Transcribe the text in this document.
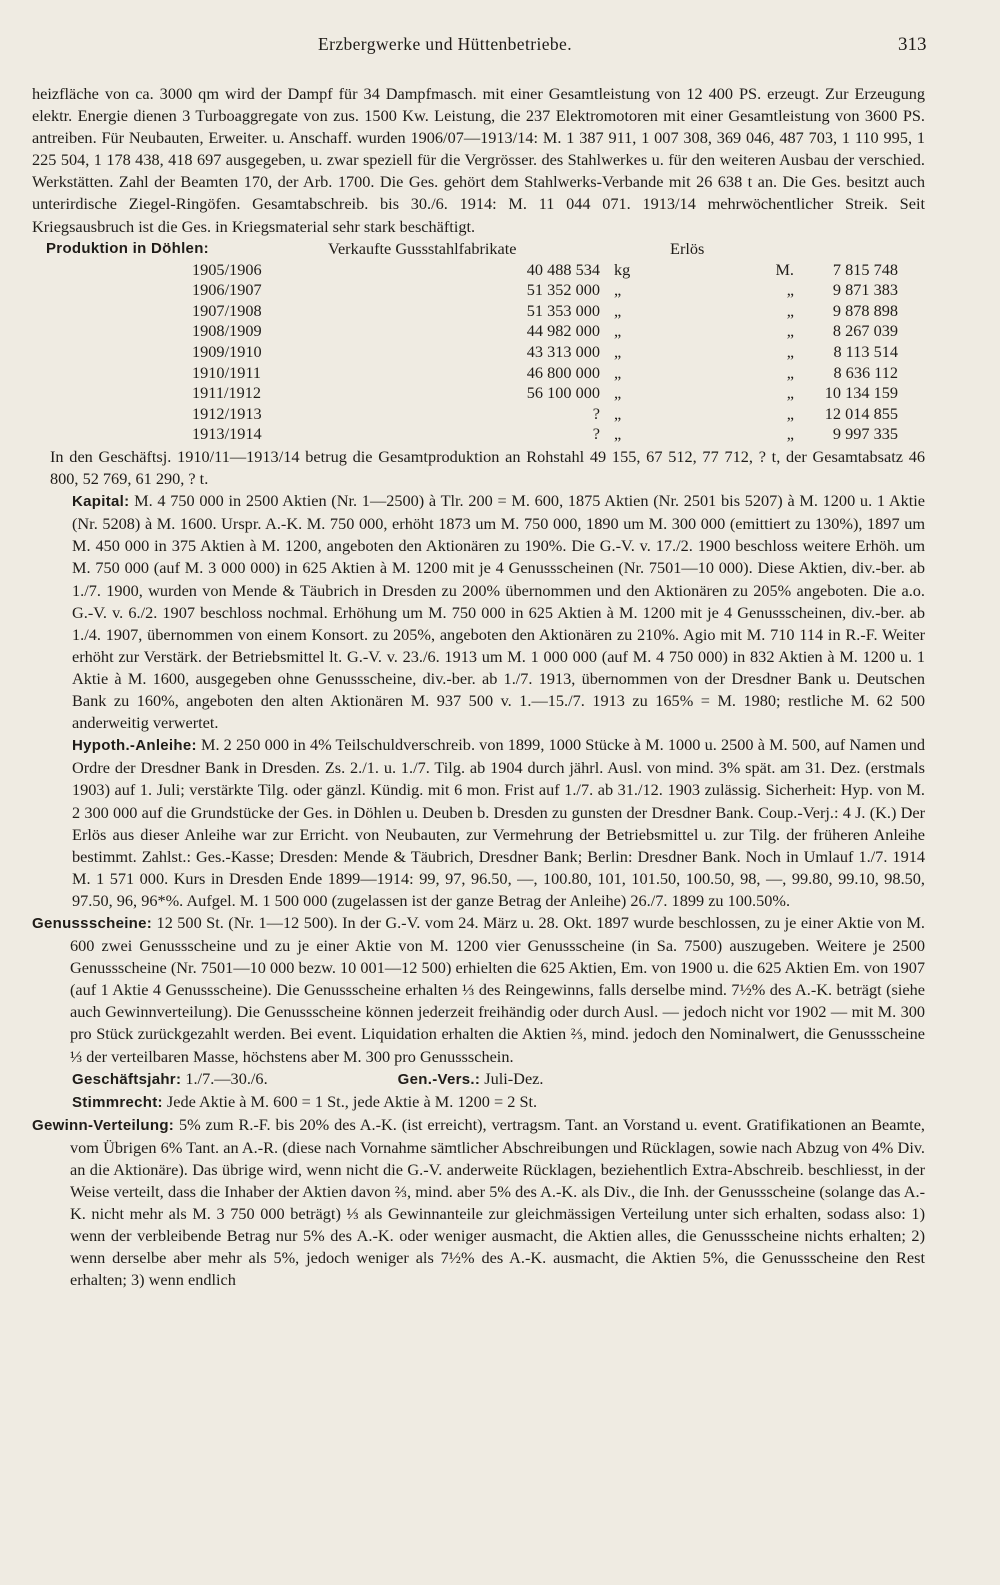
Erzbergwerke und Hüttenbetriebe.	313

heizfläche von ca. 3000 qm wird der Dampf für 34 Dampfmasch. mit einer Gesamtleistung von 12 400 PS. erzeugt. Zur Erzeugung elektr. Energie dienen 3 Turboaggregate von zus. 1500 Kw. Leistung, die 237 Elektromotoren mit einer Gesamtleistung von 3600 PS. antreiben. Für Neubauten, Erweiter. u. Anschaff. wurden 1906/07—1913/14: M. 1 387 911, 1 007 308, 369 046, 487 703, 1 110 995, 1 225 504, 1 178 438, 418 697 ausgegeben, u. zwar speziell für die Vergrösser. des Stahlwerkes u. für den weiteren Ausbau der verschied. Werkstätten. Zahl der Beamten 170, der Arb. 1700. Die Ges. gehört dem Stahlwerks-Verbande mit 26 638 t an. Die Ges. besitzt auch unterirdische Ziegel-Ringöfen. Gesamtabschreib. bis 30./6. 1914: M. 11 044 071. 1913/14 mehrwöchentlicher Streik. Seit Kriegsausbruch ist die Ges. in Kriegsmaterial sehr stark beschäftigt.

Produktion in Döhlen:	Verkaufte Gussstahlfabrikate	Erlös
1905/1906	40 488 534	kg	M.	7 815 748	
1906/1907	51 352 000	„	„	9 871 383	
1907/1908	51 353 000	„	„	9 878 898	
1908/1909	44 982 000	„	„	8 267 039	
1909/1910	43 313 000	„	„	8 113 514	
1910/1911	46 800 000	„	„	8 636 112	
1911/1912	56 100 000	„	„	10 134 159	
1912/1913	?	„	„	12 014 855	
1913/1914	?	„	„	9 997 335	

In den Geschäftsj. 1910/11—1913/14 betrug die Gesamtproduktion an Rohstahl 49 155, 67 512, 77 712, ? t, der Gesamtabsatz 46 800, 52 769, 61 290, ? t.

Kapital: M. 4 750 000 in 2500 Aktien (Nr. 1—2500) à Tlr. 200 = M. 600, 1875 Aktien (Nr. 2501 bis 5207) à M. 1200 u. 1 Aktie (Nr. 5208) à M. 1600. Urspr. A.-K. M. 750 000, erhöht 1873 um M. 750 000, 1890 um M. 300 000 (emittiert zu 130%), 1897 um M. 450 000 in 375 Aktien à M. 1200, angeboten den Aktionären zu 190%. Die G.-V. v. 17./2. 1900 beschloss weitere Erhöh. um M. 750 000 (auf M. 3 000 000) in 625 Aktien à M. 1200 mit je 4 Genussscheinen (Nr. 7501—10 000). Diese Aktien, div.-ber. ab 1./7. 1900, wurden von Mende & Täubrich in Dresden zu 200% übernommen und den Aktionären zu 205% angeboten. Die a.o. G.-V. v. 6./2. 1907 beschloss nochmal. Erhöhung um M. 750 000 in 625 Aktien à M. 1200 mit je 4 Genussscheinen, div.-ber. ab 1./4. 1907, übernommen von einem Konsort. zu 205%, angeboten den Aktionären zu 210%. Agio mit M. 710 114 in R.-F. Weiter erhöht zur Verstärk. der Betriebsmittel lt. G.-V. v. 23./6. 1913 um M. 1 000 000 (auf M. 4 750 000) in 832 Aktien à M. 1200 u. 1 Aktie à M. 1600, ausgegeben ohne Genussscheine, div.-ber. ab 1./7. 1913, übernommen von der Dresdner Bank u. Deutschen Bank zu 160%, angeboten den alten Aktionären M. 937 500 v. 1.—15./7. 1913 zu 165% = M. 1980; restliche M. 62 500 anderweitig verwertet.

Hypoth.-Anleihe: M. 2 250 000 in 4% Teilschuldverschreib. von 1899, 1000 Stücke à M. 1000 u. 2500 à M. 500, auf Namen und Ordre der Dresdner Bank in Dresden. Zs. 2./1. u. 1./7. Tilg. ab 1904 durch jährl. Ausl. von mind. 3% spät. am 31. Dez. (erstmals 1903) auf 1. Juli; verstärkte Tilg. oder gänzl. Kündig. mit 6 mon. Frist auf 1./7. ab 31./12. 1903 zulässig. Sicherheit: Hyp. von M. 2 300 000 auf die Grundstücke der Ges. in Döhlen u. Deuben b. Dresden zu gunsten der Dresdner Bank. Coup.-Verj.: 4 J. (K.) Der Erlös aus dieser Anleihe war zur Erricht. von Neubauten, zur Vermehrung der Betriebsmittel u. zur Tilg. der früheren Anleihe bestimmt. Zahlst.: Ges.-Kasse; Dresden: Mende & Täubrich, Dresdner Bank; Berlin: Dresdner Bank. Noch in Umlauf 1./7. 1914 M. 1 571 000. Kurs in Dresden Ende 1899—1914: 99, 97, 96.50, —, 100.80, 101, 101.50, 100.50, 98, —, 99.80, 99.10, 98.50, 97.50, 96, 96*%. Aufgel. M. 1 500 000 (zugelassen ist der ganze Betrag der Anleihe) 26./7. 1899 zu 100.50%.

Genussscheine: 12 500 St. (Nr. 1—12 500). In der G.-V. vom 24. März u. 28. Okt. 1897 wurde beschlossen, zu je einer Aktie von M. 600 zwei Genussscheine und zu je einer Aktie von M. 1200 vier Genussscheine (in Sa. 7500) auszugeben. Weitere je 2500 Genussscheine (Nr. 7501—10 000 bezw. 10 001—12 500) erhielten die 625 Aktien, Em. von 1900 u. die 625 Aktien Em. von 1907 (auf 1 Aktie 4 Genussscheine). Die Genussscheine erhalten ⅓ des Reingewinns, falls derselbe mind. 7½% des A.-K. beträgt (siehe auch Gewinnverteilung). Die Genussscheine können jederzeit freihändig oder durch Ausl. — jedoch nicht vor 1902 — mit M. 300 pro Stück zurückgezahlt werden. Bei event. Liquidation erhalten die Aktien ⅔, mind. jedoch den Nominalwert, die Genussscheine ⅓ der verteilbaren Masse, höchstens aber M. 300 pro Genussschein.

Geschäftsjahr: 1./7.—30./6.	Gen.-Vers.: Juli-Dez.

Stimmrecht: Jede Aktie à M. 600 = 1 St., jede Aktie à M. 1200 = 2 St.

Gewinn-Verteilung: 5% zum R.-F. bis 20% des A.-K. (ist erreicht), vertragsm. Tant. an Vorstand u. event. Gratifikationen an Beamte, vom Übrigen 6% Tant. an A.-R. (diese nach Vornahme sämtlicher Abschreibungen und Rücklagen, sowie nach Abzug von 4% Div. an die Aktionäre). Das übrige wird, wenn nicht die G.-V. anderweite Rücklagen, beziehentlich Extra-Abschreib. beschliesst, in der Weise verteilt, dass die Inhaber der Aktien davon ⅔, mind. aber 5% des A.-K. als Div., die Inh. der Genussscheine (solange das A.-K. nicht mehr als M. 3 750 000 beträgt) ⅓ als Gewinnanteile zur gleichmässigen Verteilung unter sich erhalten, sodass also: 1) wenn der verbleibende Betrag nur 5% des A.-K. oder weniger ausmacht, die Aktien alles, die Genussscheine nichts erhalten; 2) wenn derselbe aber mehr als 5%, jedoch weniger als 7½% des A.-K. ausmacht, die Aktien 5%, die Genussscheine den Rest erhalten; 3) wenn endlich
